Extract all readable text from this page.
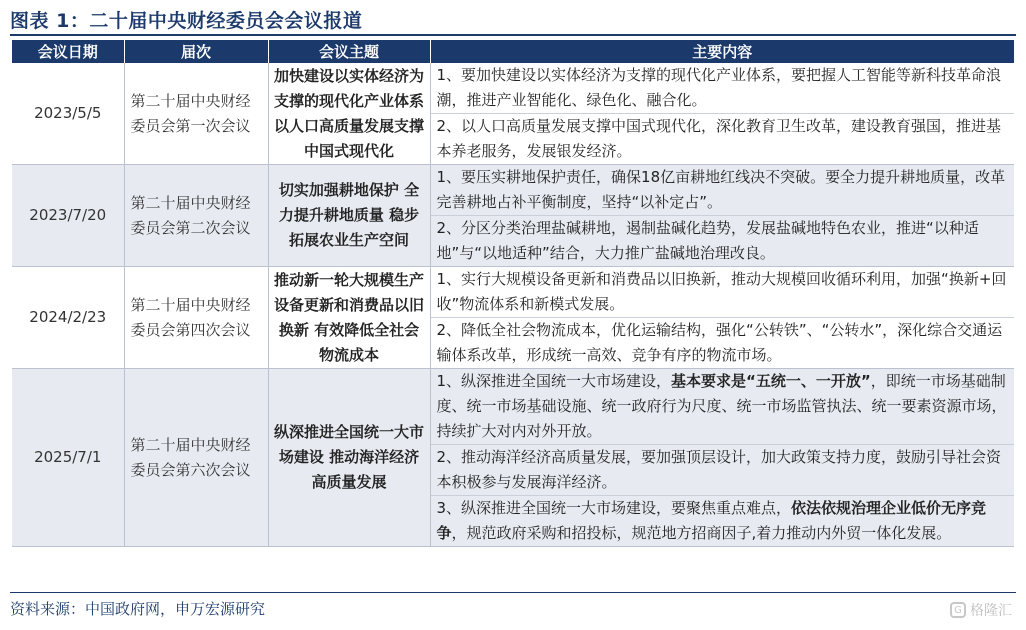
图表 1：二十届中央财经委员会会议报道
会议日期	届次	会议主题	主要内容
2023/5/5	第二十届中央财经委员会第一次会议	加快建设以实体经济为支撑的现代化产业体系 以人口高质量发展支撑中国式现代化	1、要加快建设以实体经济为支撑的现代化产业体系，要把握人工智能等新科技革命浪潮，推进产业智能化、绿色化、融合化。
2、以人口高质量发展支撑中国式现代化，深化教育卫生改革，建设教育强国，推进基本养老服务，发展银发经济。

2023/7/20	第二十届中央财经委员会第二次会议	切实加强耕地保护 全力提升耕地质量 稳步拓展农业生产空间	1、要压实耕地保护责任，确保18亿亩耕地红线决不突破。要全力提升耕地质量，改革完善耕地占补平衡制度，坚持“以补定占”。
2、分区分类治理盐碱耕地，遏制盐碱化趋势，发展盐碱地特色农业，推进“以种适地”与“以地适种”结合，大力推广盐碱地治理改良。

2024/2/23	第二十届中央财经委员会第四次会议	推动新一轮大规模生产设备更新和消费品以旧换新 有效降低全社会物流成本	1、实行大规模设备更新和消费品以旧换新，推动大规模回收循环利用，加强“换新+回收”物流体系和新模式发展。
2、降低全社会物流成本，优化运输结构，强化“公转铁”、“公转水”，深化综合交通运输体系改革，形成统一高效、竞争有序的物流市场。

2025/7/1	第二十届中央财经委员会第六次会议	纵深推进全国统一大市场建设 推动海洋经济高质量发展	1、纵深推进全国统一大市场建设，基本要求是“五统一、一开放”，即统一市场基础制度、统一市场基础设施、统一政府行为尺度、统一市场监管执法、统一要素资源市场，持续扩大对内对外开放。
2、推动海洋经济高质量发展，要加强顶层设计，加大政策支持力度，鼓励引导社会资本积极参与发展海洋经济。
3、纵深推进全国统一大市场建设，要聚焦重点难点，依法依规治理企业低价无序竞争，规范政府采购和招投标，规范地方招商因子,着力推动内外贸一体化发展。
资料来源：中国政府网，申万宏源研究	G 格隆汇
